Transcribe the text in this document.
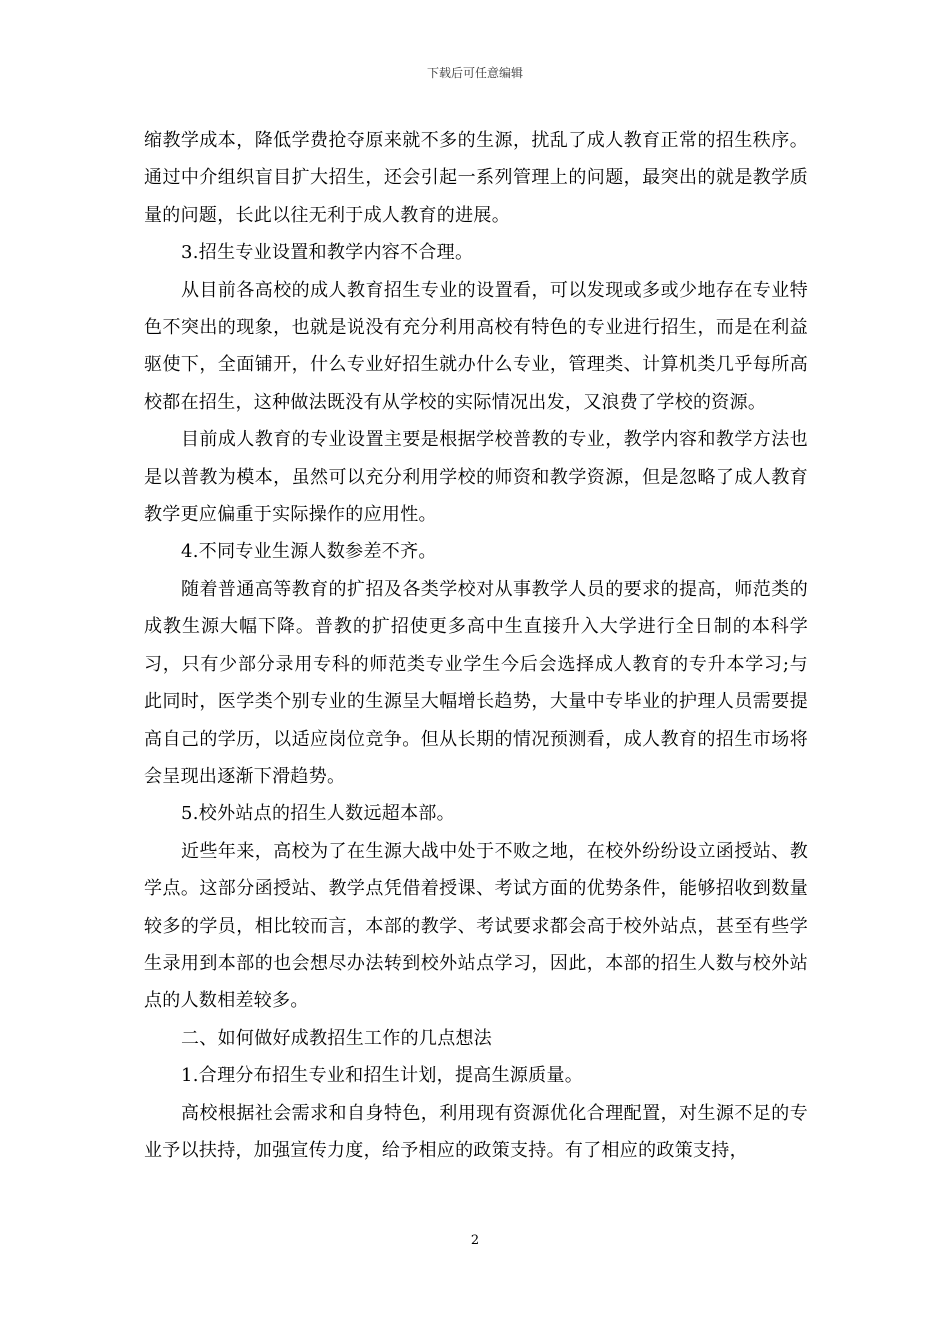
下载后可任意编辑

缩教学成本，降低学费抢夺原来就不多的生源，扰乱了成人教育正常的招生秩序。通过中介组织盲目扩大招生，还会引起一系列管理上的问题，最突出的就是教学质量的问题，长此以往无利于成人教育的进展。

3.招生专业设置和教学内容不合理。

从目前各高校的成人教育招生专业的设置看，可以发现或多或少地存在专业特色不突出的现象，也就是说没有充分利用高校有特色的专业进行招生，而是在利益驱使下，全面铺开，什么专业好招生就办什么专业，管理类、计算机类几乎每所高校都在招生，这种做法既没有从学校的实际情况出发，又浪费了学校的资源。

目前成人教育的专业设置主要是根据学校普教的专业，教学内容和教学方法也是以普教为模本，虽然可以充分利用学校的师资和教学资源，但是忽略了成人教育教学更应偏重于实际操作的应用性。

4.不同专业生源人数参差不齐。

随着普通高等教育的扩招及各类学校对从事教学人员的要求的提高，师范类的成教生源大幅下降。普教的扩招使更多高中生直接升入大学进行全日制的本科学习，只有少部分录用专科的师范类专业学生今后会选择成人教育的专升本学习;与此同时，医学类个别专业的生源呈大幅增长趋势，大量中专毕业的护理人员需要提高自己的学历，以适应岗位竞争。但从长期的情况预测看，成人教育的招生市场将会呈现出逐渐下滑趋势。

5.校外站点的招生人数远超本部。

近些年来，高校为了在生源大战中处于不败之地，在校外纷纷设立函授站、教学点。这部分函授站、教学点凭借着授课、考试方面的优势条件，能够招收到数量较多的学员，相比较而言，本部的教学、考试要求都会高于校外站点，甚至有些学生录用到本部的也会想尽办法转到校外站点学习，因此，本部的招生人数与校外站点的人数相差较多。

二、如何做好成教招生工作的几点想法

1.合理分布招生专业和招生计划，提高生源质量。

高校根据社会需求和自身特色，利用现有资源优化合理配置，对生源不足的专业予以扶持，加强宣传力度，给予相应的政策支持。有了相应的政策支持，

2
